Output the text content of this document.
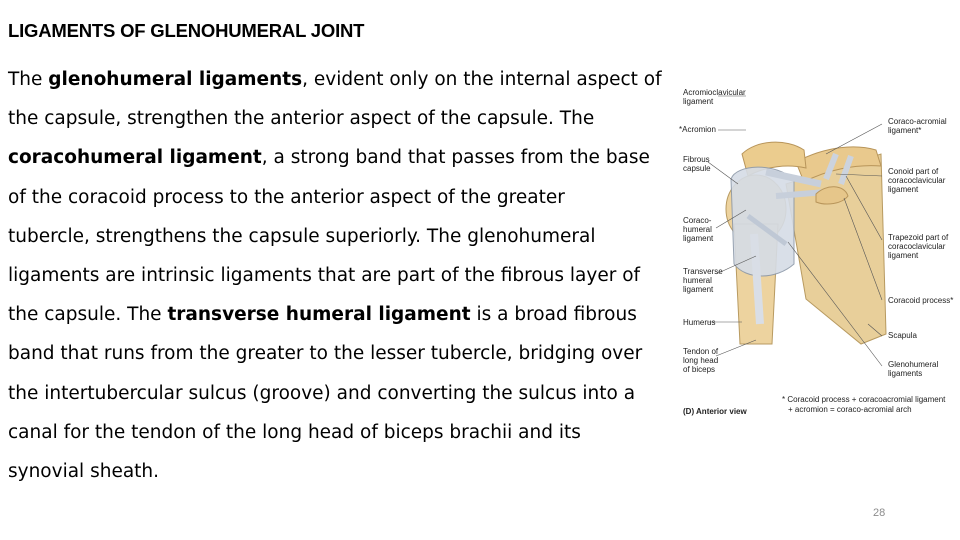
LIGAMENTS OF GLENOHUMERAL JOINT
The glenohumeral ligaments, evident only on the internal aspect of
the capsule, strengthen the anterior aspect of the capsule. The
coracohumeral ligament, a strong band that passes from the base
of the coracoid process to the anterior aspect of the greater
tubercle, strengthens the capsule superiorly. The glenohumeral
ligaments are intrinsic ligaments that are part of the fibrous layer of
the capsule. The transverse humeral ligament is a broad fibrous
band that runs from the greater to the lesser tubercle, bridging over
the intertubercular sulcus (groove) and converting the sulcus into a
canal for the tendon of the long head of biceps brachii and its
synovial sheath.
Acromioclavicular ligament
*Acromion
Fibrous capsule
Coraco-humeral ligament
Transverse humeral ligament
Humerus
Tendon of long head of biceps
Coraco-acromial ligament*
Conoid part of coracoclavicular ligament
Trapezoid part of coracoclavicular ligament
Coracoid process*
Scapula
Glenohumeral ligaments
(D) Anterior view
* Coracoid process + coracoacromial ligament
+ acromion = coraco-acromial arch
28
